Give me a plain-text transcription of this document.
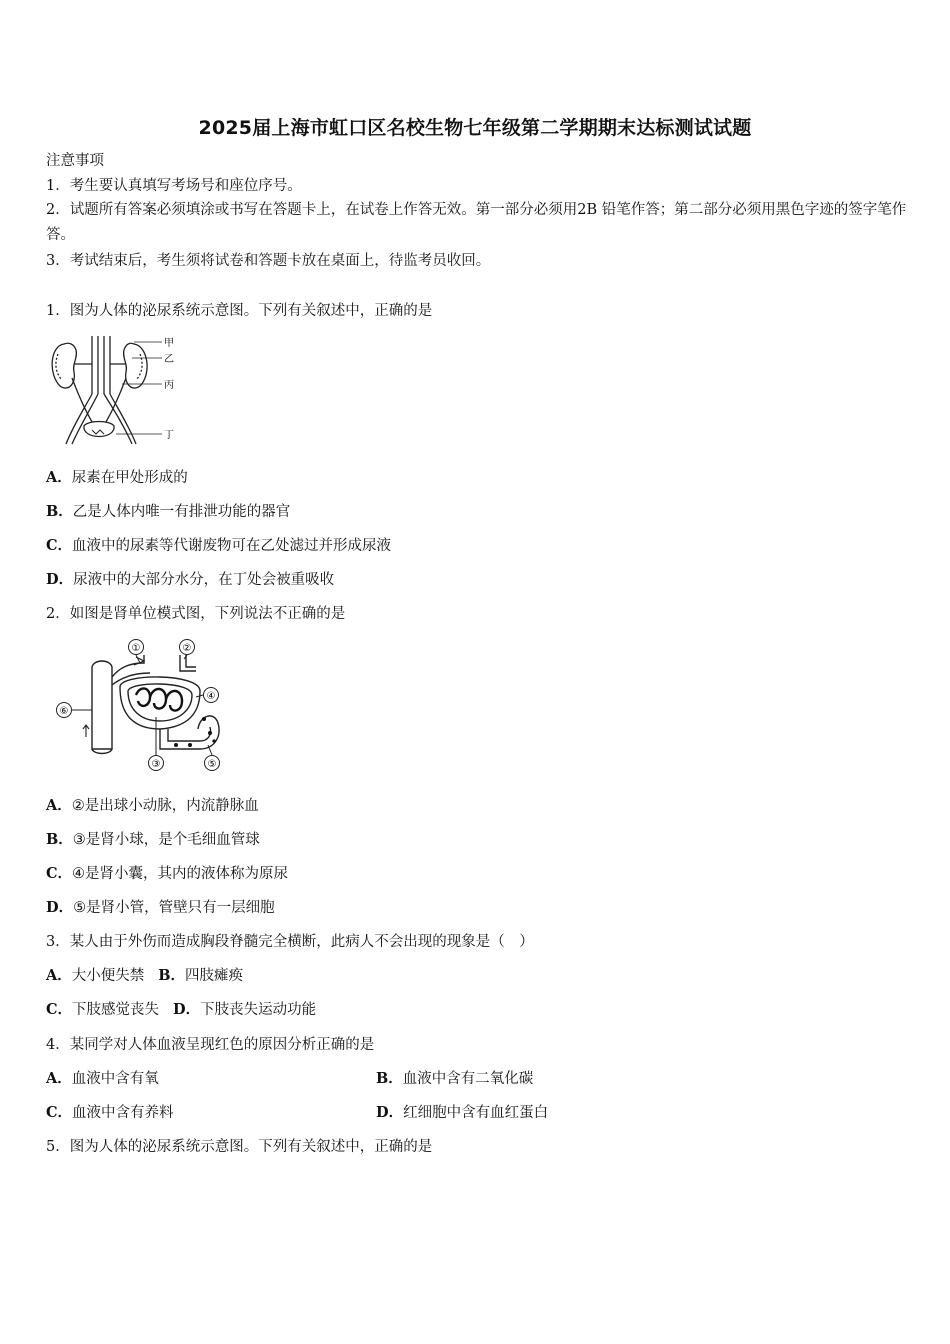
2025届上海市虹口区名校生物七年级第二学期期末达标测试试题
注意事项
1．考生要认真填写考场号和座位序号。
2．试题所有答案必须填涂或书写在答题卡上，在试卷上作答无效。第一部分必须用2B 铅笔作答；第二部分必须用黑色字迹的签字笔作答。
3．考试结束后，考生须将试卷和答题卡放在桌面上，待监考员收回。
1．图为人体的泌尿系统示意图。下列有关叙述中，正确的是
甲
乙
丙
丁
A．尿素在甲处形成的
B．乙是人体内唯一有排泄功能的器官
C．血液中的尿素等代谢废物可在乙处滤过并形成尿液
D．尿液中的大部分水分，在丁处会被重吸收
2．如图是肾单位模式图，下列说法不正确的是
①	②
③
④
⑤
⑥
A．②是出球小动脉，内流静脉血
B．③是肾小球，是个毛细血管球
C．④是肾小囊，其内的液体称为原尿
D．⑤是肾小管，管壁只有一层细胞
3．某人由于外伤而造成胸段脊髓完全横断，此病人不会出现的现象是（　）
A．大小便失禁 B．四肢瘫痪
C．下肢感觉丧失 D．下肢丧失运动功能
4．某同学对人体血液呈现红色的原因分析正确的是
A．血液中含有氧	B．血液中含有二氧化碳
C．血液中含有养料	D．红细胞中含有血红蛋白
5．图为人体的泌尿系统示意图。下列有关叙述中，正确的是
